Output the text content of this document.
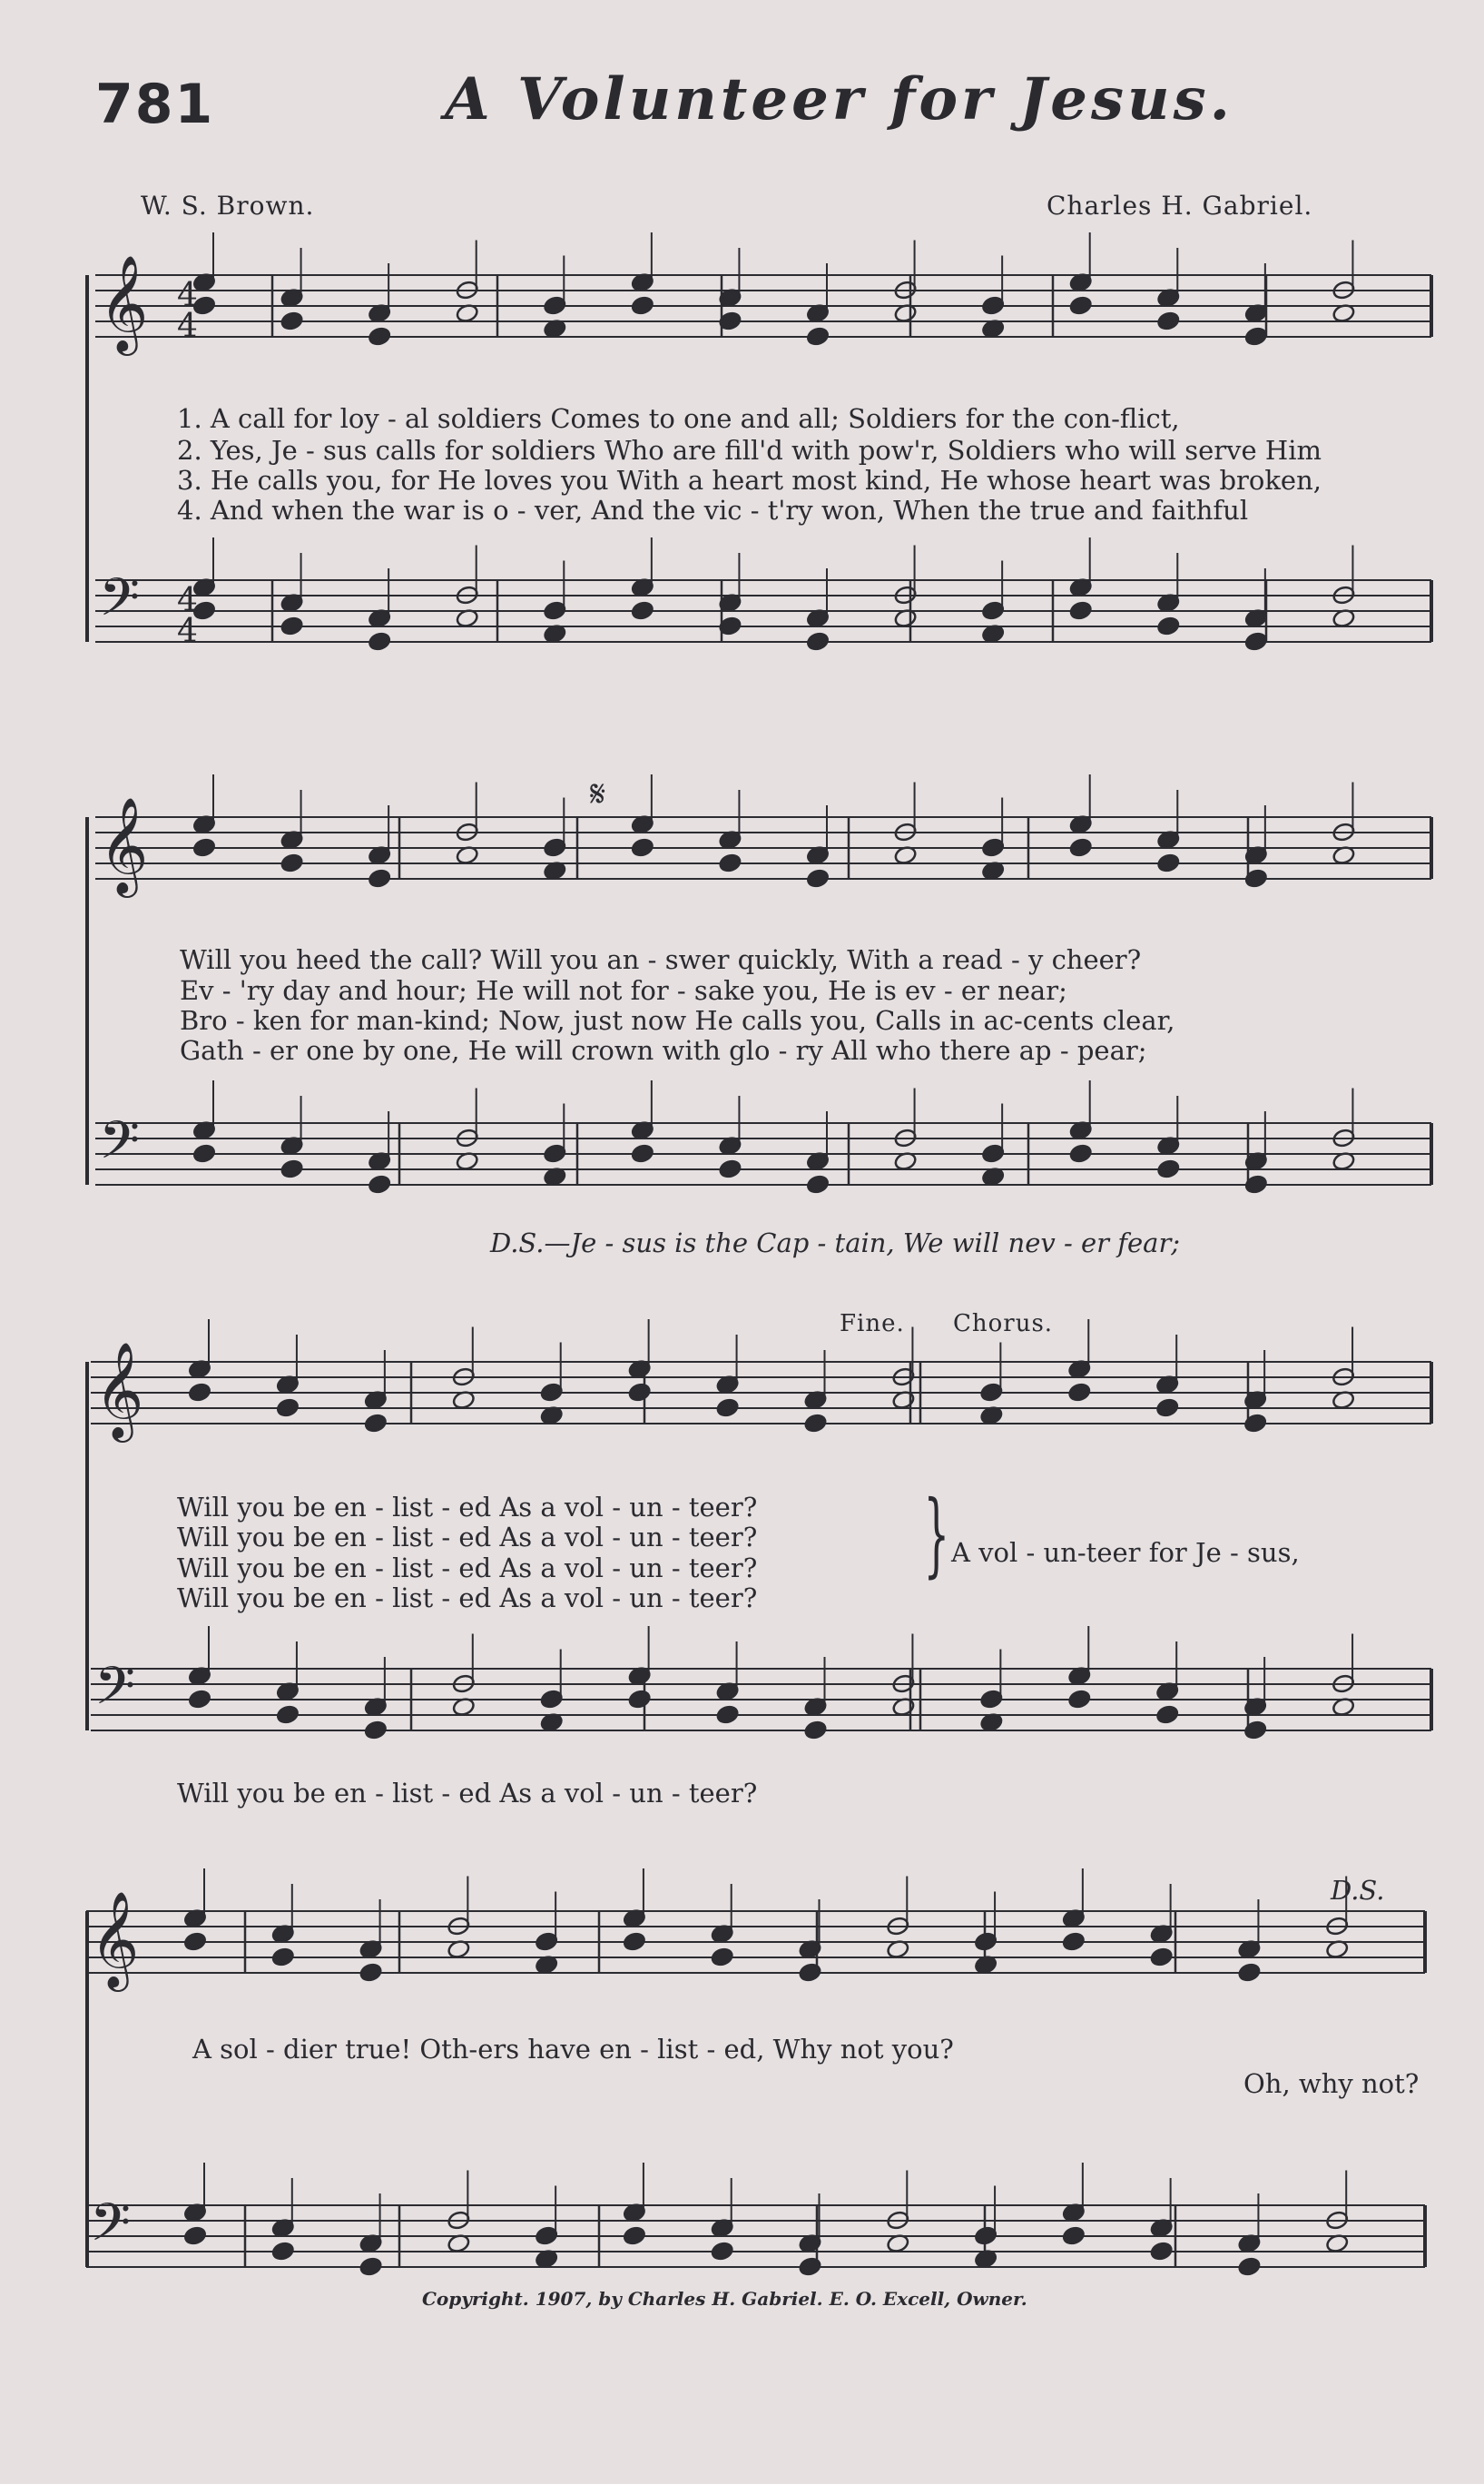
781	A Volunteer for Jesus.
W. S. Brown.	Charles H. Gabriel.
𝄞
𝄢
𝄞
𝄢
𝄞
𝄢
𝄞
𝄢
4
4
4
4
1. A call for loy - al soldiers Comes to one and all; Soldiers for the con-flict,
2. Yes, Je - sus calls for soldiers Who are fill'd with pow'r, Soldiers who will serve Him
3. He calls you, for He loves you With a heart most kind, He whose heart was broken,
4. And when the war is o - ver, And the vic - t'ry won, When the true and faithful
𝄋
Will you heed the call? Will you an - swer quickly, With a read - y cheer?
Ev - 'ry day and hour; He will not for - sake you, He is ev - er near;
Bro - ken for man-kind; Now, just now He calls you, Calls in ac-cents clear,
Gath - er one by one, He will crown with glo - ry All who there ap - pear;
D.S.—Je - sus is the Cap - tain, We will nev - er fear;
Fine. Chorus.
Will you be en - list - ed As a vol - un - teer?
Will you be en - list - ed As a vol - un - teer?
Will you be en - list - ed As a vol - un - teer?
Will you be en - list - ed As a vol - un - teer?
} A vol - un-teer for Je - sus,
Will you be en - list - ed As a vol - un - teer?
D.S.
A sol - dier true! Oth-ers have en - list - ed, Why not you?
Oh, why not?
Copyright. 1907, by Charles H. Gabriel. E. O. Excell, Owner.
